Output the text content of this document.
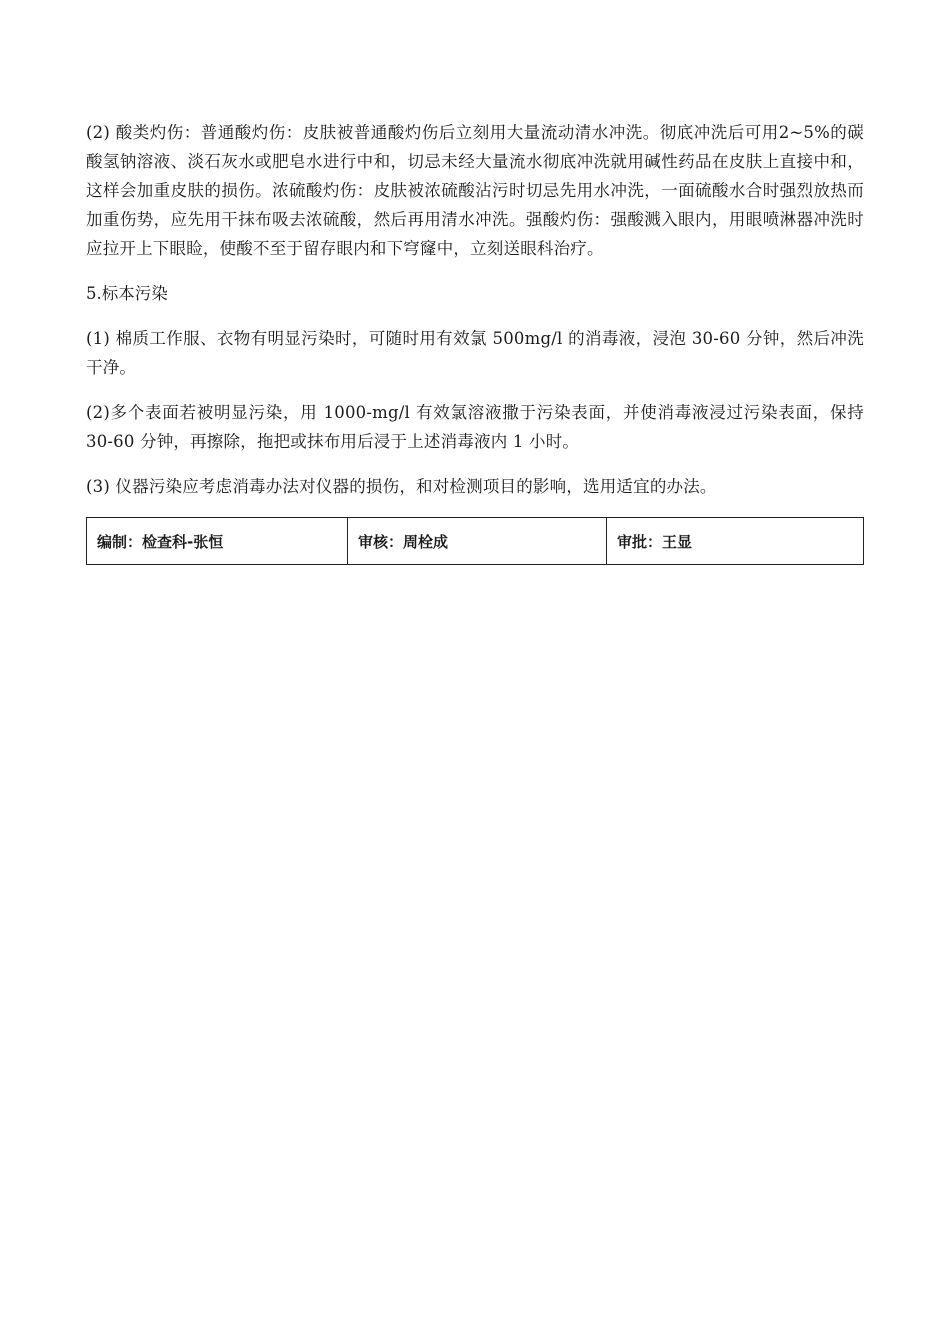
(2) 酸类灼伤：普通酸灼伤：皮肤被普通酸灼伤后立刻用大量流动清水冲洗。彻底冲洗后可用2~5%的碳酸氢钠溶液、淡石灰水或肥皂水进行中和，切忌未经大量流水彻底冲洗就用碱性药品在皮肤上直接中和，这样会加重皮肤的损伤。浓硫酸灼伤：皮肤被浓硫酸沾污时切忌先用水冲洗，一面硫酸水合时强烈放热而加重伤势，应先用干抹布吸去浓硫酸，然后再用清水冲洗。强酸灼伤：强酸溅入眼内，用眼喷淋器冲洗时应拉开上下眼睑，使酸不至于留存眼内和下穹窿中，立刻送眼科治疗。

5.标本污染

(1) 棉质工作服、衣物有明显污染时，可随时用有效氯 500mg/l 的消毒液，浸泡 30-60 分钟，然后冲洗干净。

(2)多个表面若被明显污染，用 1000-mg/l 有效氯溶液撒于污染表面，并使消毒液浸过污染表面，保持 30-60 分钟，再擦除，拖把或抹布用后浸于上述消毒液内 1 小时。

(3) 仪器污染应考虑消毒办法对仪器的损伤，和对检测项目的影响，选用适宜的办法。

编制：检查科-张恒	审核：周栓成	审批：王显
